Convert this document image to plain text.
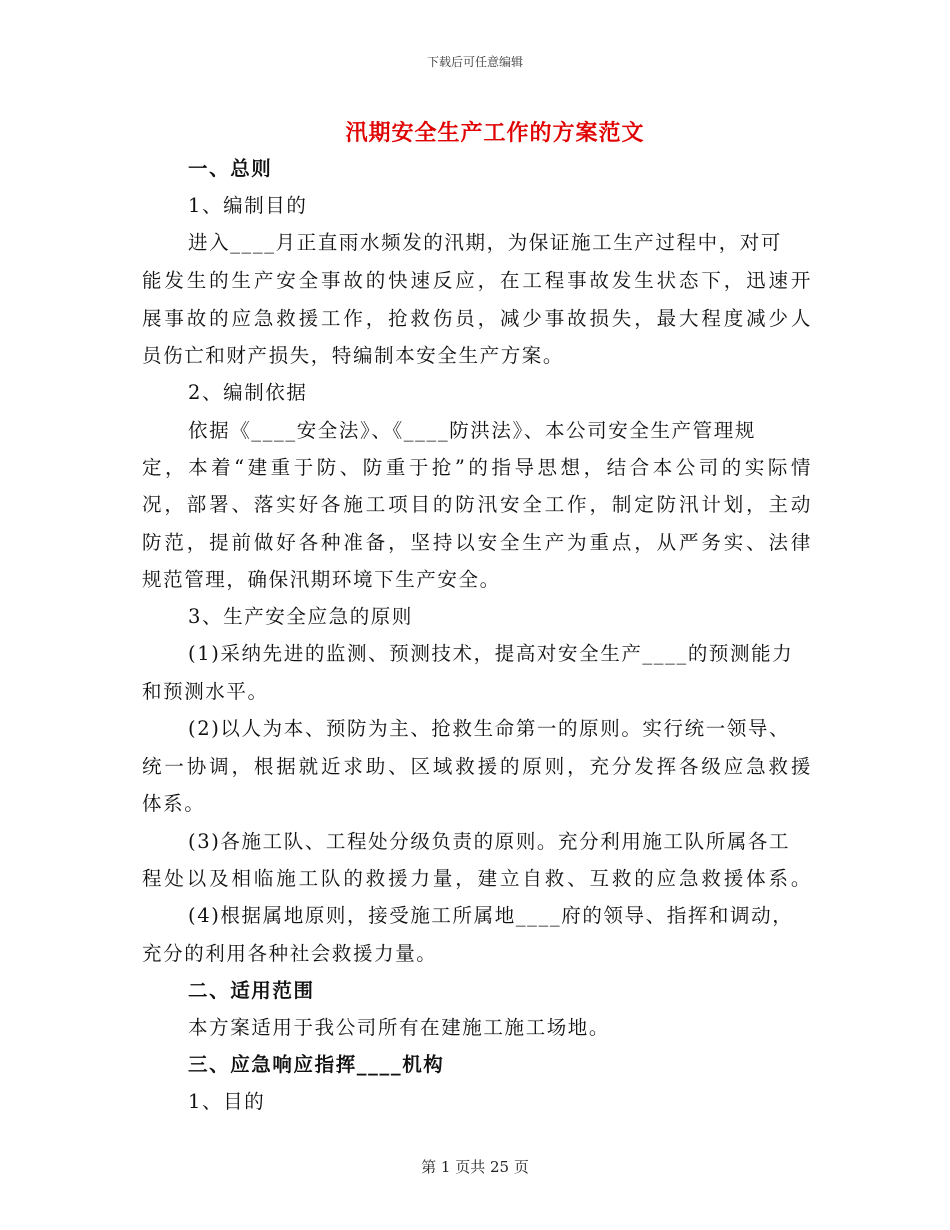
下载后可任意编辑
汛期安全生产工作的方案范文
一、总则
1、编制目的
进入____月正直雨水频发的汛期，为保证施工生产过程中，对可
能发生的生产安全事故的快速反应，在工程事故发生状态下，迅速开
展事故的应急救援工作，抢救伤员，减少事故损失，最大程度减少人
员伤亡和财产损失，特编制本安全生产方案。
2、编制依据
依据《____安全法》、《____防洪法》、本公司安全生产管理规
定，本着“建重于防、防重于抢”的指导思想，结合本公司的实际情
况，部署、落实好各施工项目的防汛安全工作，制定防汛计划，主动
防范，提前做好各种准备，坚持以安全生产为重点，从严务实、法律
规范管理，确保汛期环境下生产安全。
3、生产安全应急的原则
(1)采纳先进的监测、预测技术，提高对安全生产____的预测能力
和预测水平。
(2)以人为本、预防为主、抢救生命第一的原则。实行统一领导、
统一协调，根据就近求助、区域救援的原则，充分发挥各级应急救援
体系。
(3)各施工队、工程处分级负责的原则。充分利用施工队所属各工
程处以及相临施工队的救援力量，建立自救、互救的应急救援体系。
(4)根据属地原则，接受施工所属地____府的领导、指挥和调动，
充分的利用各种社会救援力量。
二、适用范围
本方案适用于我公司所有在建施工施工场地。
三、应急响应指挥____机构
1、目的
第 1 页共 25 页
